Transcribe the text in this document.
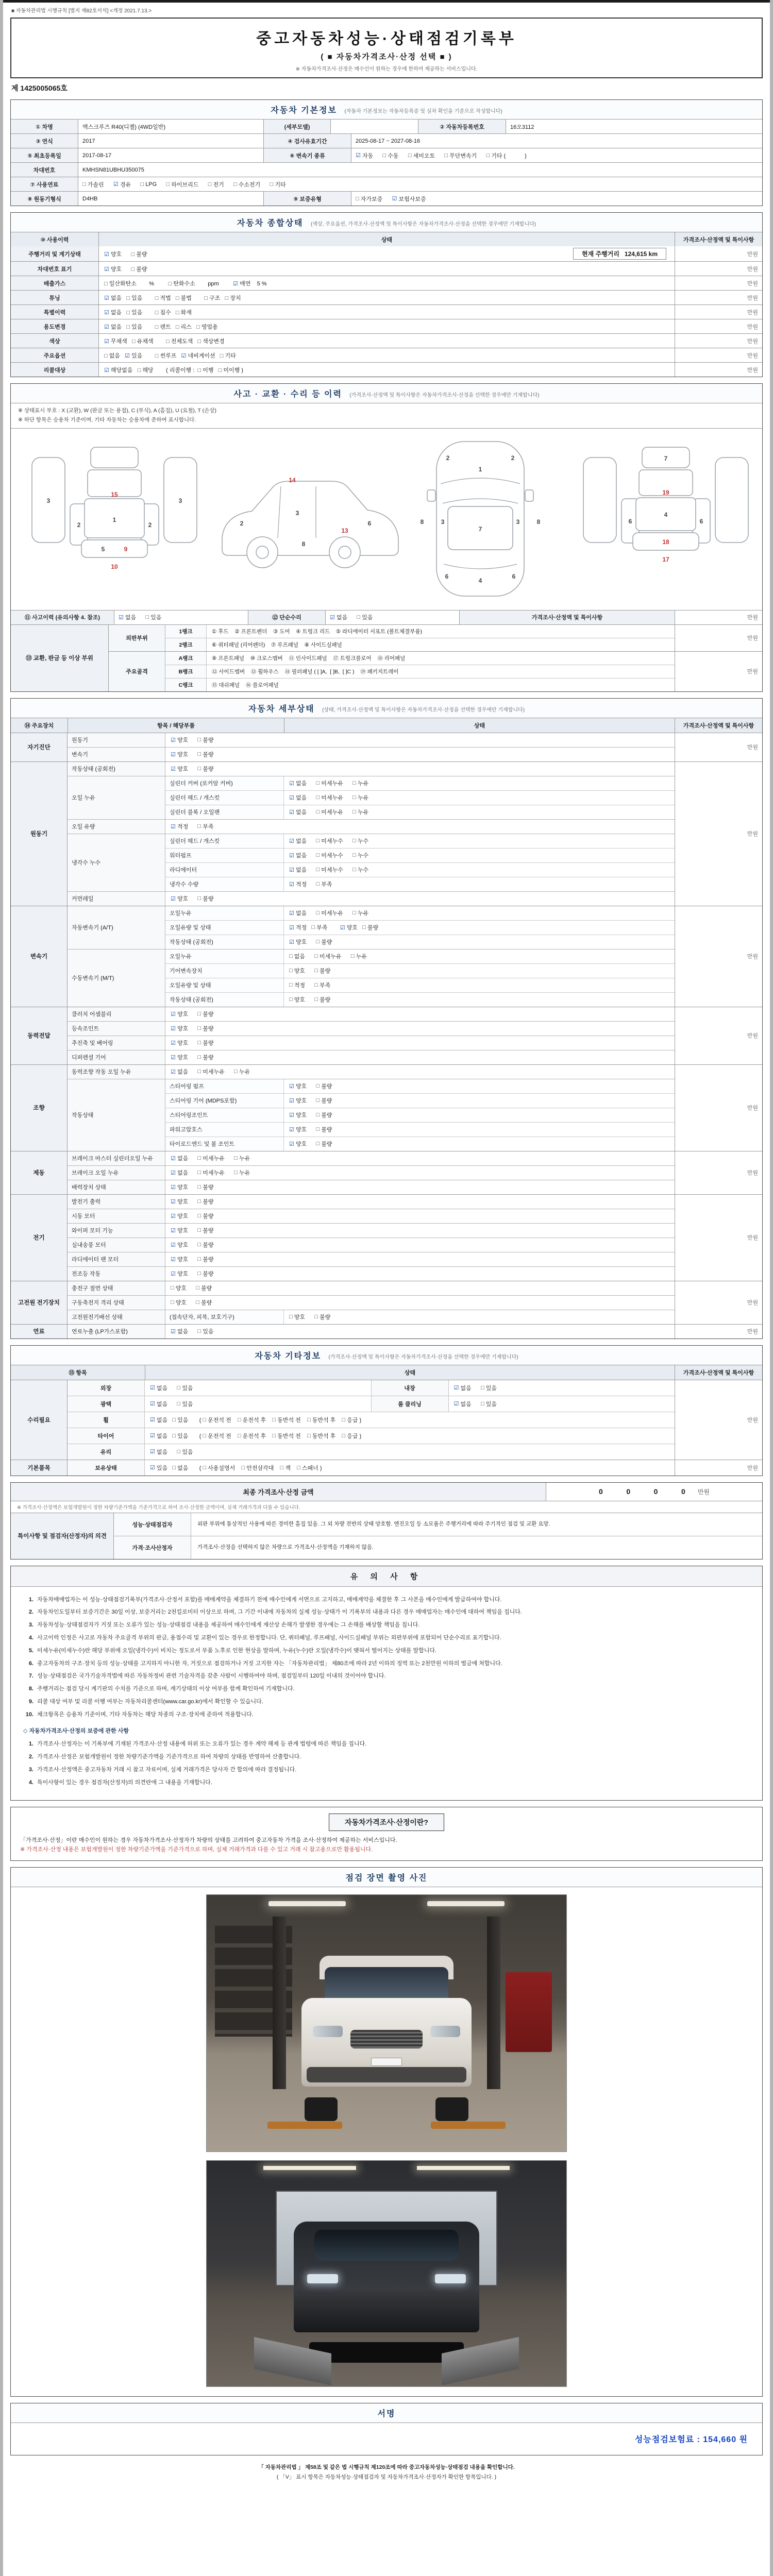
■ 자동차관리법 시행규칙 [별지 제82호서식] <개정 2021.7.13.>
중고자동차성능·상태점검기록부
( ■ 자동차가격조사·산정 선택 ■ )
※ 자동차가격조사·산정은 매수인이 원하는 경우에 한하여 제공하는 서비스입니다.
제 1425005065호
자동차 기본정보 (자동차 기본정보는 자동차등록증 및 실차 확인을 기준으로 작성합니다)
① 차명	맥스크루즈 R40(디젤) (4WD일반)	(세부모델)	② 자동차등록번호	16오3112
③ 연식	2017	④ 검사유효기간	2025-08-17 ~ 2027-08-16
⑤ 최초등록일	2017-08-17	⑥ 변속기 종류	☑ 자동 □ 수동 □ 세미오토 □ 무단변속기 □ 기타 (            )
차대번호	KMHSN81UBHU350075
⑦ 사용연료	□ 가솔린 ☑ 경유 □ LPG □ 하이브리드 □ 전기 □ 수소전기 □ 기타
⑧ 원동기형식	D4HB	⑨ 보증유형	□ 자가보증 ☑ 보험사보증
자동차 종합상태 (색상, 주요옵션, 가격조사·산정액 및 특이사항은 자동차가격조사·산정을 선택한 경우에만 기재합니다)
⑩ 사용이력	상태	가격조사·산정액 및 특이사항
주행거리 및 계기상태	☑ 양호      □ 불량	현재 주행거리   124,615 km	만원
차대번호 표기	☑ 양호      □ 불량	만원
배출가스	□ 일산화탄소        %         □ 탄화수소        ppm         ☑ 매연    5 %	만원
튜닝	☑ 없음   □ 있음        □ 적법   □ 불법        □ 구조   □ 장치	만원
특별이력	☑ 없음   □ 있음        □ 침수   □ 화재	만원
용도변경	☑ 없음   □ 있음        □ 렌트   □ 리스   □ 영업용	만원
색상	☑ 무채색   □ 유채색        □ 전체도색   □ 색상변경	만원
주요옵션	□ 없음   ☑ 있음        □ 썬루프   ☑ 네비게이션   □ 기타	만원
리콜대상	☑ 해당없음   □ 해당        ( 리콜이행 :  □ 이행   □ 미이행 )	만원
사고 · 교환 · 수리 등 이력 (가격조사·산정액 및 특이사항은 자동차가격조사·산정을 선택한 경우에만 기재합니다)
※ 상태표시 부호 : X (교환), W (판금 또는 용접), C (부식), A (흠집), U (요철), T (손상)
※ 하단 항목은 승용차 기준이며, 기타 자동차는 승용차에 준하여 표시합니다.
1
2	2
3	3
5	9
10
15
2
3
6
8
13
14
1
7
4
2	2
3	3
6	6
8	8
4
6	6
7
19
18
17
⑪ 사고이력 (유의사항 4. 참조)	☑ 없음 □ 있음	⑫ 단순수리	☑ 없음 □ 있음	가격조사·산정액 및 특이사항	만원
⑬ 교환, 판금 등 이상 부위
외판부위
1랭크	① 후드    ② 프론트펜더    ③ 도어    ④ 트렁크 리드    ⑤ 라디에이터 서포트 (볼트체결부품)
2랭크	⑥ 쿼터패널 (리어펜더)    ⑦ 루프패널    ⑧ 사이드실패널
만원
주요골격
A랭크	⑨ 프론트패널    ⑩ 크로스멤버    ⑪ 인사이드패널    ⑰ 트렁크플로어    ⑱ 리어패널
B랭크	⑫ 사이드멤버    ⑬ 휠하우스    ⑭ 필러패널 ( [ ]A,  [ ]B,  [ ]C )    ⑲ 패키지트레이
C랭크	⑮ 대쉬패널    ⑯ 플로어패널
만원
자동차 세부상태 (상태, 가격조사·산정액 및 특이사항은 자동차가격조사·산정을 선택한 경우에만 기재합니다)
⑭ 주요장치	항목 / 해당부품	상태	가격조사·산정액 및 특이사항
자기진단
원동기	☑ 양호 □ 불량
변속기	☑ 양호 □ 불량
만원
원동기
작동상태 (공회전)	☑ 양호 □ 불량
오일 누유
실린더 커버 (로커암 커버)	☑ 없음 □ 미세누유 □ 누유
실린더 헤드 / 개스킷	☑ 없음 □ 미세누유 □ 누유
실린더 블록 / 오일팬	☑ 없음 □ 미세누유 □ 누유
오일 유량	☑ 적정 □ 부족
냉각수 누수
실린더 헤드 / 개스킷	☑ 없음 □ 미세누수 □ 누수
워터펌프	☑ 없음 □ 미세누수 □ 누수
라디에이터	☑ 없음 □ 미세누수 □ 누수
냉각수 수량	☑ 적정 □ 부족
커먼레일	☑ 양호 □ 불량
만원
변속기
자동변속기 (A/T)
오일누유	☑ 없음 □ 미세누유 □ 누유
오일유량 및 상태	☑ 적정 □ 부족 ☑ 양호 □ 불량
작동상태 (공회전)	☑ 양호 □ 불량
수동변속기 (M/T)
오일누유	□ 없음 □ 미세누유 □ 누유
기어변속장치	□ 양호 □ 불량
오일유량 및 상태	□ 적정 □ 부족
작동상태 (공회전)	□ 양호 □ 불량
만원
동력전달
클러치 어셈블리	☑ 양호 □ 불량
등속조인트	☑ 양호 □ 불량
추진축 및 베어링	☑ 양호 □ 불량
디퍼렌셜 기어	☑ 양호 □ 불량
만원
조향
동력조향 작동 오일 누유	☑ 없음 □ 미세누유 □ 누유
작동상태
스티어링 펌프	☑ 양호 □ 불량
스티어링 기어 (MDPS포함)	☑ 양호 □ 불량
스티어링조인트	☑ 양호 □ 불량
파워고압호스	☑ 양호 □ 불량
타이로드엔드 및 볼 조인트	☑ 양호 □ 불량
만원
제동
브레이크 마스터 실린더오일 누유	☑ 없음 □ 미세누유 □ 누유
브레이크 오일 누유	☑ 없음 □ 미세누유 □ 누유
배력장치 상태	☑ 양호 □ 불량
만원
전기
발전기 출력	☑ 양호 □ 불량
시동 모터	☑ 양호 □ 불량
와이퍼 모터 기능	☑ 양호 □ 불량
실내송풍 모터	☑ 양호 □ 불량
라디에이터 팬 모터	☑ 양호 □ 불량
전조등 작동	☑ 양호 □ 불량
만원
고전원 전기장치
충전구 절연 상태	□ 양호 □ 불량
구동축전지 격리 상태	□ 양호 □ 불량
고전원전기배선 상태	(접속단자, 피복, 보호기구)	□ 양호 □ 불량
만원
연료	연료누출 (LP가스포함)	☑ 없음 □ 있음	만원
자동차 기타정보 (가격조사·산정액 및 특이사항은 자동차가격조사·산정을 선택한 경우에만 기재합니다)
⑮ 항목	상태	가격조사·산정액 및 특이사항
수리필요
외장	☑ 없음 □ 있음	내장	☑ 없음 □ 있음
광택	☑ 없음 □ 있음	룸 클리닝	☑ 없음 □ 있음
휠	☑ 없음 □ 있음       ( □ 운전석 전 □ 운전석 후 □ 동반석 전 □ 동반석 후 □ 응급 )
타이어	☑ 없음 □ 있음       ( □ 운전석 전 □ 운전석 후 □ 동반석 전 □ 동반석 후 □ 응급 )
유리	☑ 없음 □ 있음
만원
기본품목	보유상태	☑ 있음 □ 없음       ( □ 사용설명서 □ 안전삼각대 □ 잭 □ 스패너 )	만원
최종 가격조사·산정 금액	0    0    0    0 만원
※ 가격조사·산정액은 보험개발원이 정한 차량기준가액을 기준가격으로 하여 조사·산정한 금액이며, 실제 거래가격과 다를 수 있습니다.
특이사항 및 점검자(산정자)의 의견
성능·상태점검자	외판 부위에 통상적인 사용에 따른 경미한 흠집 있음. 그 외 차량 전반의 상태 양호함. 엔진오일 등 소모품은 주행거리에 따라 주기적인 점검 및 교환 요망.
가격·조사산정자	가격조사·산정을 선택하지 않은 차량으로 가격조사·산정액을 기재하지 않음.
유 의 사 항
1. 자동차매매업자는 이 성능·상태점검기록부(가격조사·산정서 포함)를 매매계약을 체결하기 전에 매수인에게 서면으로 고지하고, 매매계약을 체결한 후 그 사본을 매수인에게 발급하여야 합니다.
2. 자동차인도일부터 보증기간은 30일 이상, 보증거리는 2천킬로미터 이상으로 하며, 그 기간 이내에 자동차의 실제 성능·상태가 이 기록부의 내용과 다른 경우 매매업자는 매수인에 대하여 책임을 집니다.
3. 자동차성능·상태점검자가 거짓 또는 오류가 있는 성능·상태점검 내용을 제공하여 매수인에게 재산상 손해가 발생한 경우에는 그 손해를 배상할 책임을 집니다.
4. 사고이력 인정은 사고로 자동차 주요골격 부위의 판금, 용접수리 및 교환이 있는 경우로 한정합니다. 단, 쿼터패널, 루프패널, 사이드실패널 부위는 외판부위에 포함되어 단순수리로 표기합니다.
5. 미세누유(미세누수)란 해당 부위에 오일(냉각수)이 비치는 정도로서 부품 노후로 인한 현상을 말하며, 누유(누수)란 오일(냉각수)이 맺혀서 떨어지는 상태를 말합니다.
6. 중고자동차의 구조·장치 등의 성능·상태를 고지하지 아니한 자, 거짓으로 점검하거나 거짓 고지한 자는 「자동차관리법」 제80조에 따라 2년 이하의 징역 또는 2천만원 이하의 벌금에 처합니다.
7. 성능·상태점검은 국가기술자격법에 따른 자동차정비 관련 기술자격을 갖춘 사람이 시행하여야 하며, 점검일부터 120일 이내의 것이어야 합니다.
8. 주행거리는 점검 당시 계기판의 수치를 기준으로 하며, 계기상태의 이상 여부를 함께 확인하여 기재합니다.
9. 리콜 대상 여부 및 리콜 이행 여부는 자동차리콜센터(www.car.go.kr)에서 확인할 수 있습니다.
10. 체크항목은 승용차 기준이며, 기타 자동차는 해당 차종의 구조·장치에 준하여 적용합니다.
◇ 자동차가격조사·산정의 보증에 관한 사항
1. 가격조사·산정자는 이 기록부에 기재된 가격조사·산정 내용에 허위 또는 오류가 있는 경우 계약 해제 등 관계 법령에 따른 책임을 집니다.
2. 가격조사·산정은 보험개발원이 정한 차량기준가액을 기준가격으로 하여 차량의 상태를 반영하여 산출합니다.
3. 가격조사·산정액은 중고자동차 거래 시 참고 자료이며, 실제 거래가격은 당사자 간 합의에 따라 결정됩니다.
4. 특이사항이 있는 경우 점검자(산정자)의 의견란에 그 내용을 기재합니다.
자동차가격조사·산정이란?
「가격조사·산정」이란 매수인이 원하는 경우 자동차가격조사·산정자가 차량의 상태를 고려하여 중고자동차 가격을 조사·산정하여 제공하는 서비스입니다.
※ 가격조사·산정 내용은 보험개발원이 정한 차량기준가액을 기준가격으로 하며, 실제 거래가격과 다를 수 있고 거래 시 참고용으로만 활용됩니다.
점검 장면 촬영 사진
서명
성능점검보험료 : 154,660 원
「 자동차관리법 」 제58조 및 같은 법 시행규칙 제120조에 따라 중고자동차성능·상태점검 내용을 확인합니다.
( 「V」 표시 항목은 자동차성능·상태점검자 및 자동차가격조사·산정자가 확인한 항목입니다. )
